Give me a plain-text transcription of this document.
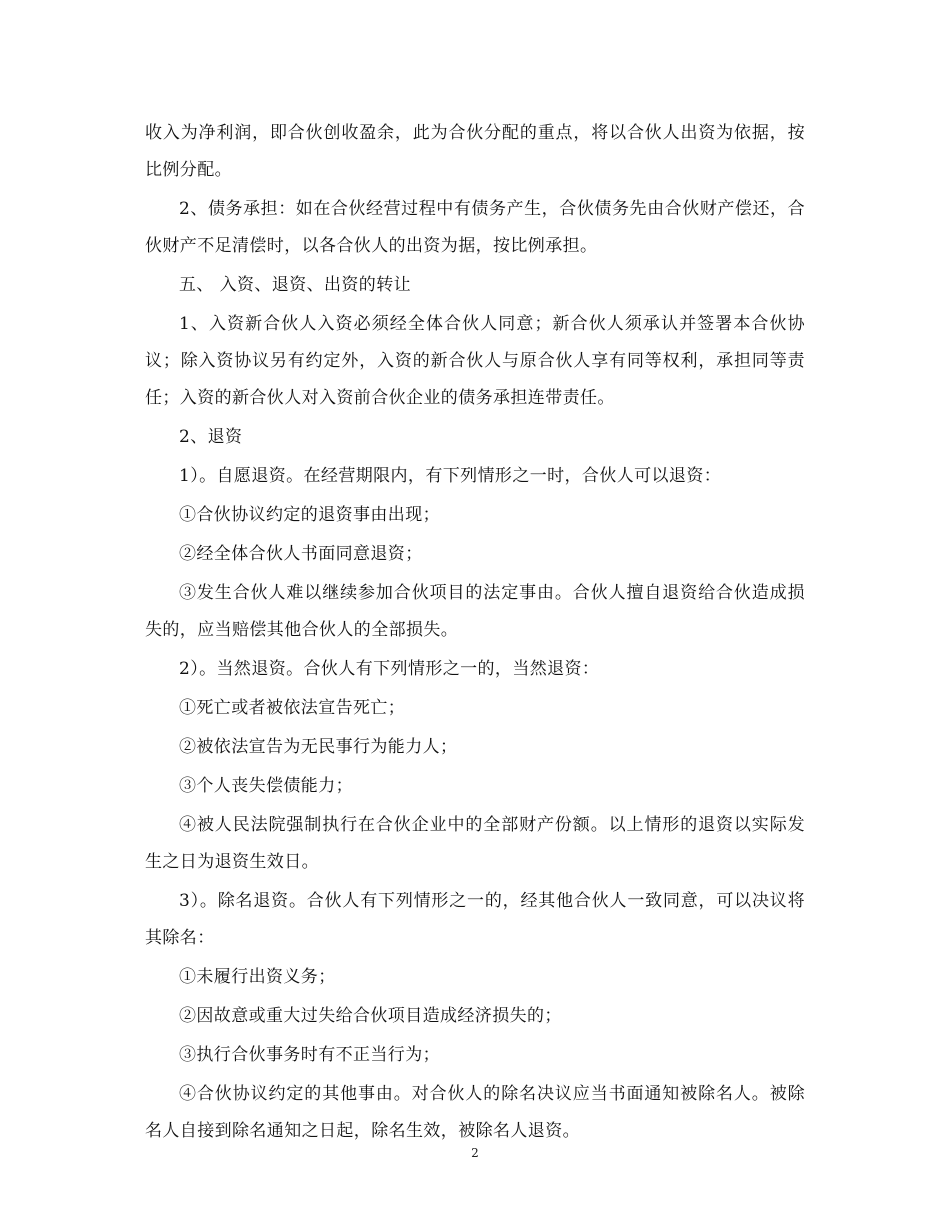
收入为净利润，即合伙创收盈余，此为合伙分配的重点，将以合伙人出资为依据，按比例分配。

2、债务承担：如在合伙经营过程中有债务产生，合伙债务先由合伙财产偿还，合伙财产不足清偿时，以各合伙人的出资为据，按比例承担。

五、 入资、退资、出资的转让

1、入资新合伙人入资必须经全体合伙人同意；新合伙人须承认并签署本合伙协议；除入资协议另有约定外，入资的新合伙人与原合伙人享有同等权利，承担同等责任；入资的新合伙人对入资前合伙企业的债务承担连带责任。

2、退资

1）。自愿退资。在经营期限内，有下列情形之一时，合伙人可以退资：

①合伙协议约定的退资事由出现；

②经全体合伙人书面同意退资；

③发生合伙人难以继续参加合伙项目的法定事由。合伙人擅自退资给合伙造成损失的，应当赔偿其他合伙人的全部损失。

2）。当然退资。合伙人有下列情形之一的，当然退资：

①死亡或者被依法宣告死亡；

②被依法宣告为无民事行为能力人；

③个人丧失偿债能力；

④被人民法院强制执行在合伙企业中的全部财产份额。以上情形的退资以实际发生之日为退资生效日。

3）。除名退资。合伙人有下列情形之一的，经其他合伙人一致同意，可以决议将其除名：

①未履行出资义务；

②因故意或重大过失给合伙项目造成经济损失的；

③执行合伙事务时有不正当行为；

④合伙协议约定的其他事由。对合伙人的除名决议应当书面通知被除名人。被除名人自接到除名通知之日起，除名生效，被除名人退资。

2
